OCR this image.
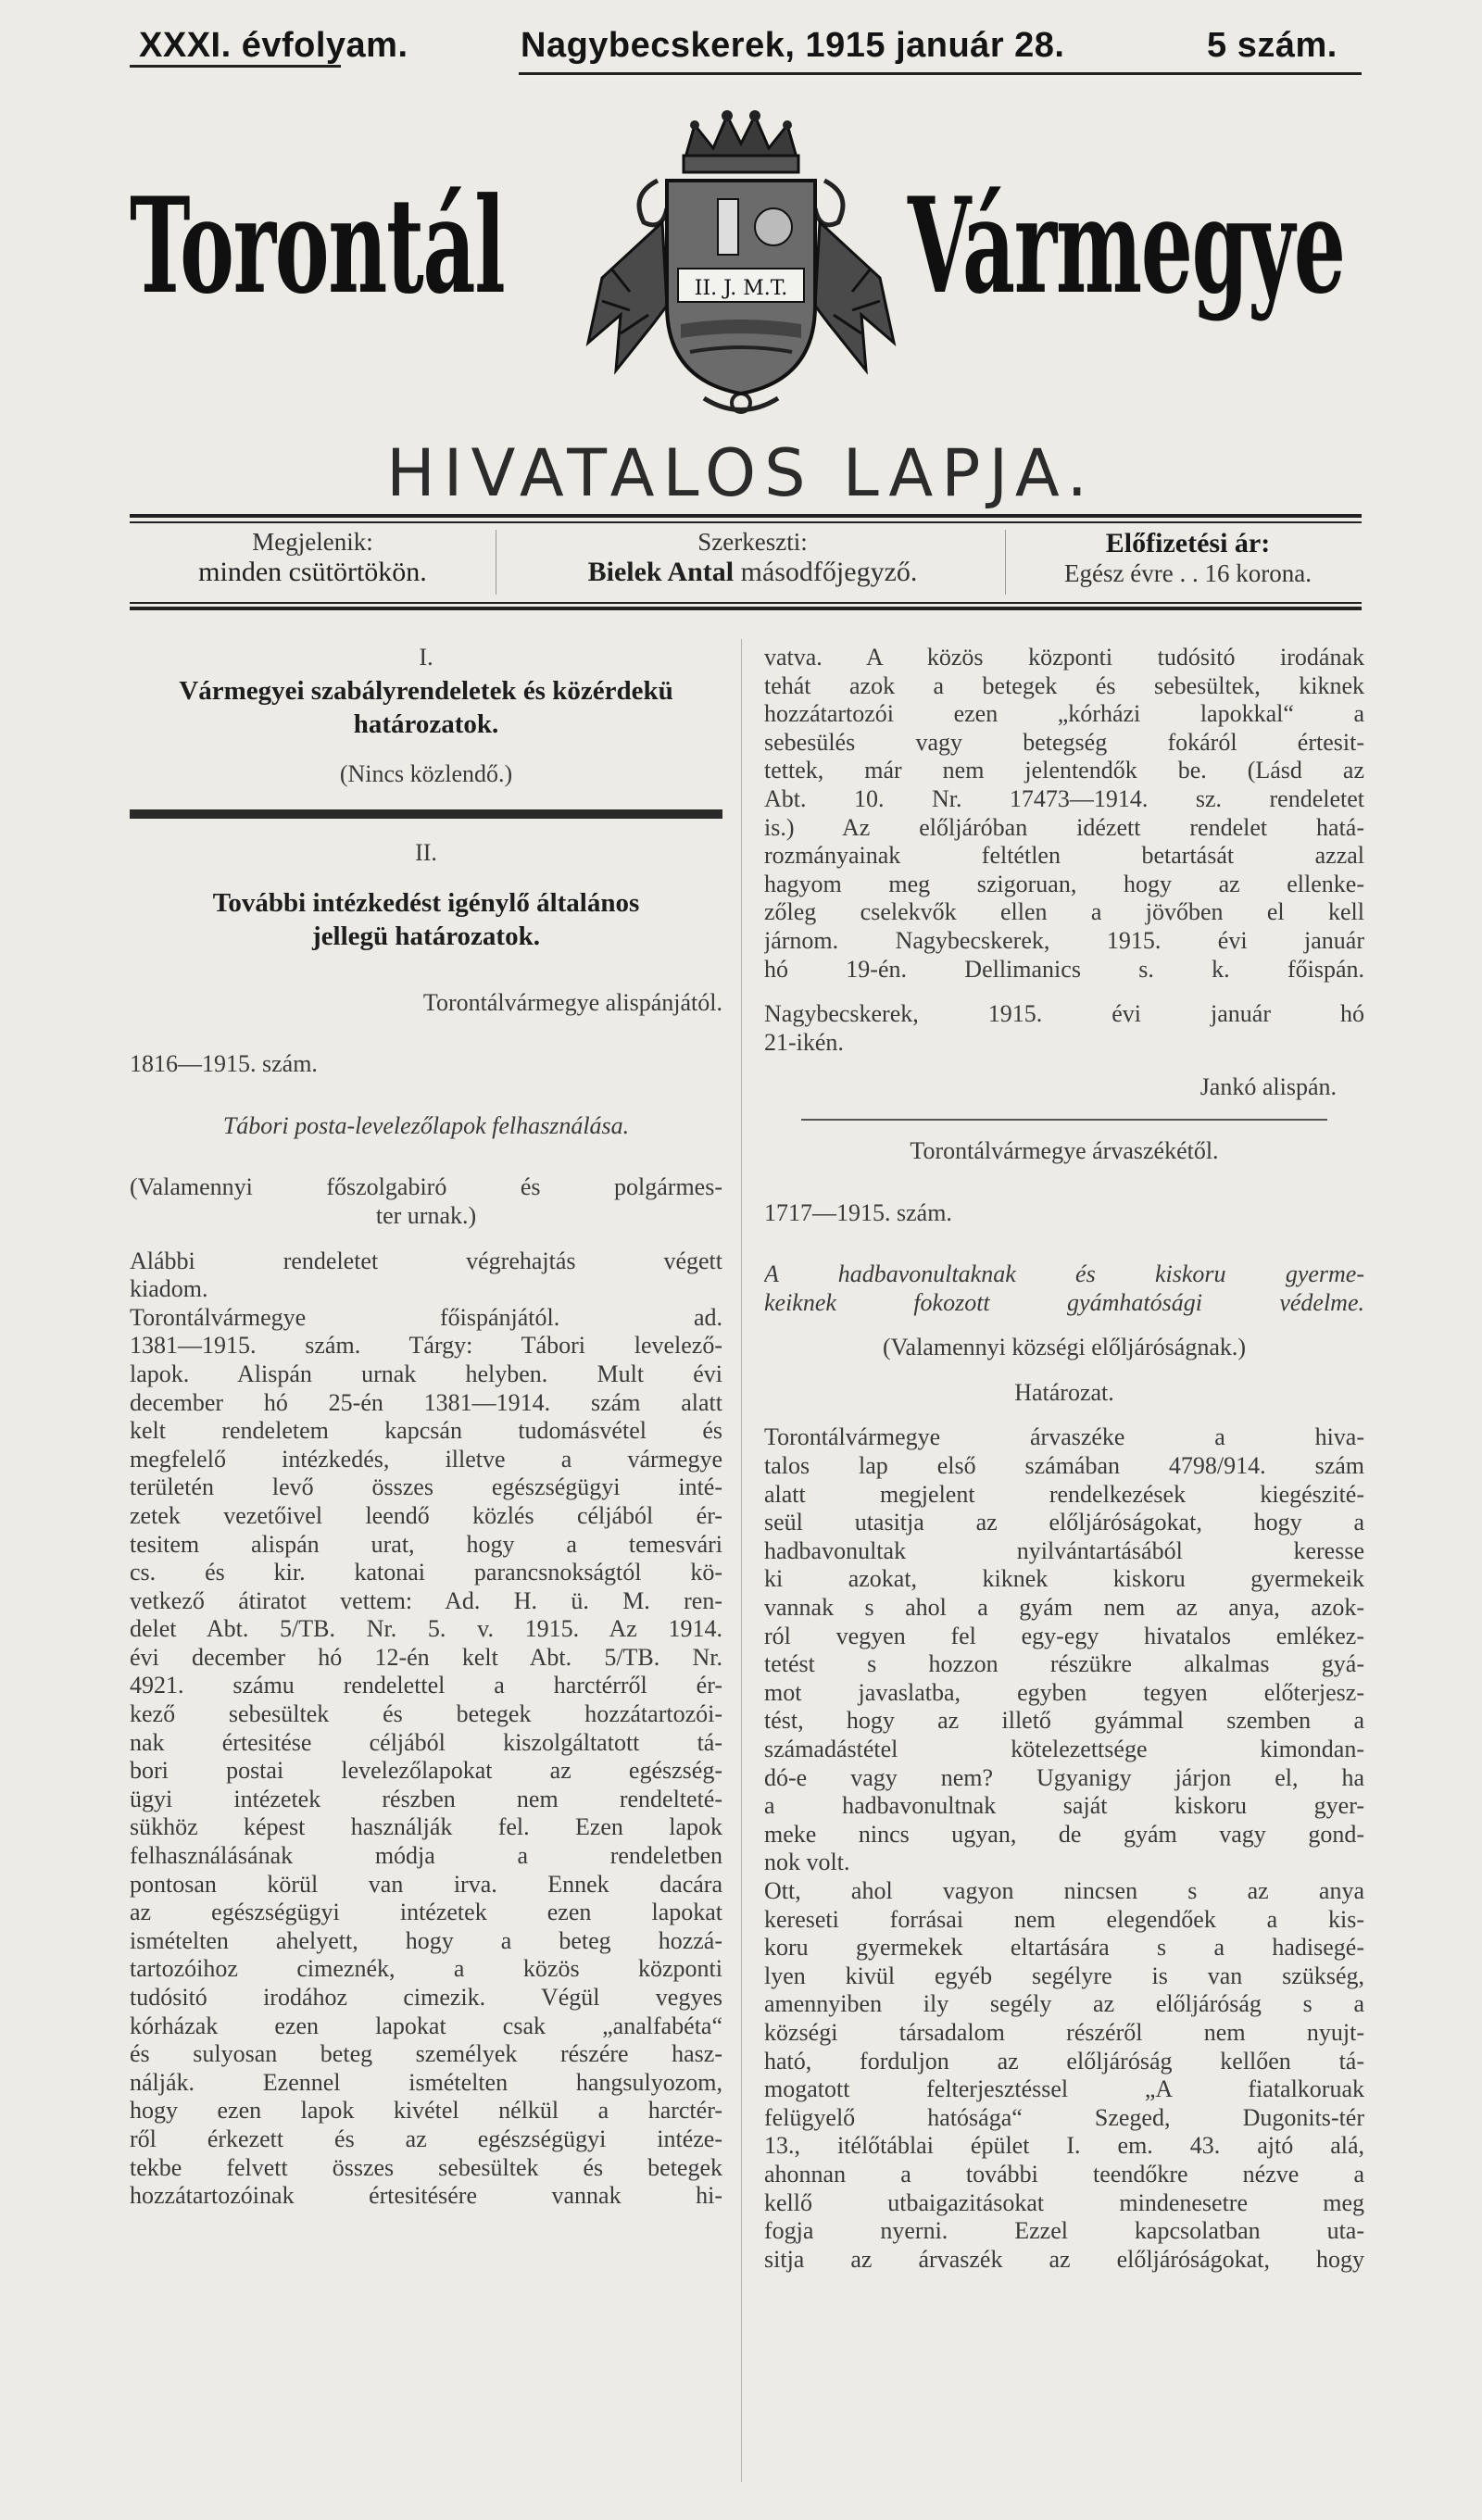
XXXI. évfolyam.	Nagybecskerek, 1915 január 28.	5 szám.
Torontál	Vármegye
II. J. M.T.
HIVATALOS LAPJA.
Megjelenik:
minden csütörtökön.
Szerkeszti:
Bielek Antal másodfőjegyző.
Előfizetési ár:
Egész évre . . 16 korona.
I.
Vármegyei szabályrendeletek és közérdekü
határozatok.
(Nincs közlendő.)
II.
További intézkedést igénylő általános
jellegü határozatok.
Torontálvármegye alispánjától.
1816—1915. szám.
Tábori posta-levelezőlapok felhasználása.
(Valamennyi főszolgabiró és polgármes-
ter urnak.)
Alábbi rendeletet végrehajtás végett
kiadom.
Torontálvármegye főispánjától. ad.
1381—1915. szám. Tárgy: Tábori levelező-
lapok. Alispán urnak helyben. Mult évi
december hó 25-én 1381—1914. szám alatt
kelt rendeletem kapcsán tudomásvétel és
megfelelő intézkedés, illetve a vármegye
területén levő összes egészségügyi inté-
zetek vezetőivel leendő közlés céljából ér-
tesitem alispán urat, hogy a temesvári
cs. és kir. katonai parancsnokságtól kö-
vetkező átiratot vettem: Ad. H. ü. M. ren-
delet Abt. 5/TB. Nr. 5. v. 1915. Az 1914.
évi december hó 12-én kelt Abt. 5/TB. Nr.
4921. számu rendelettel a harctérről ér-
kező sebesültek és betegek hozzátartozói-
nak értesitése céljából kiszolgáltatott tá-
bori postai levelezőlapokat az egészség-
ügyi intézetek részben nem rendelteté-
sükhöz képest használják fel. Ezen lapok
felhasználásának módja a rendeletben
pontosan körül van irva. Ennek dacára
az egészségügyi intézetek ezen lapokat
ismételten ahelyett, hogy a beteg hozzá-
tartozóihoz cimeznék, a közös központi
tudósitó irodához cimezik. Végül vegyes
kórházak ezen lapokat csak „analfabéta“
és sulyosan beteg személyek részére hasz-
nálják. Ezennel ismételten hangsulyozom,
hogy ezen lapok kivétel nélkül a harctér-
ről érkezett és az egészségügyi intéze-
tekbe felvett összes sebesültek és betegek
hozzátartozóinak értesitésére vannak hi-
vatva. A közös központi tudósitó irodának
tehát azok a betegek és sebesültek, kiknek
hozzátartozói ezen „kórházi lapokkal“ a
sebesülés vagy betegség fokáról értesit-
tettek, már nem jelentendők be. (Lásd az
Abt. 10. Nr. 17473—1914. sz. rendeletet
is.) Az előljáróban idézett rendelet hatá-
rozmányainak feltétlen betartását azzal
hagyom meg szigoruan, hogy az ellenke-
zőleg cselekvők ellen a jövőben el kell
járnom. Nagybecskerek, 1915. évi január
hó 19-én. Dellimanics s. k. főispán.
Nagybecskerek, 1915. évi január hó
21-ikén.
Jankó alispán.
Torontálvármegye árvaszékétől.
1717—1915. szám.
A hadbavonultaknak és kiskoru gyerme-
keiknek fokozott gyámhatósági védelme.
(Valamennyi községi előljáróságnak.)
Határozat.
Torontálvármegye árvaszéke a hiva-
talos lap első számában 4798/914. szám
alatt megjelent rendelkezések kiegészité-
seül utasitja az előljáróságokat, hogy a
hadbavonultak nyilvántartásából keresse
ki azokat, kiknek kiskoru gyermekeik
vannak s ahol a gyám nem az anya, azok-
ról vegyen fel egy-egy hivatalos emlékez-
tetést s hozzon részükre alkalmas gyá-
mot javaslatba, egyben tegyen előterjesz-
tést, hogy az illető gyámmal szemben a
számadástétel kötelezettsége kimondan-
dó-e vagy nem? Ugyanigy járjon el, ha
a hadbavonultnak saját kiskoru gyer-
meke nincs ugyan, de gyám vagy gond-
nok volt.
Ott, ahol vagyon nincsen s az anya
kereseti forrásai nem elegendőek a kis-
koru gyermekek eltartására s a hadisegé-
lyen kivül egyéb segélyre is van szükség,
amennyiben ily segély az előljáróság s a
községi társadalom részéről nem nyujt-
ható, forduljon az előljáróság kellően tá-
mogatott felterjesztéssel „A fiatalkoruak
felügyelő hatósága“ Szeged, Dugonits-tér
13., itélőtáblai épület I. em. 43. ajtó alá,
ahonnan a további teendőkre nézve a
kellő utbaigazitásokat mindenesetre meg
fogja nyerni. Ezzel kapcsolatban uta-
sitja az árvaszék az előljáróságokat, hogy
